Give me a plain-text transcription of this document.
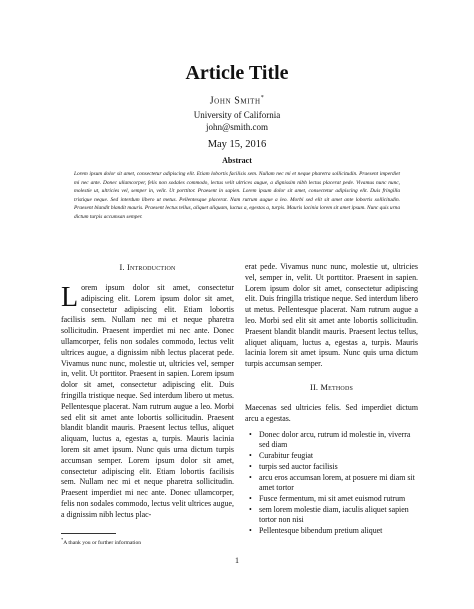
Article Title
John Smith*
University of California
john@smith.com
May 15, 2016
Abstract
Lorem ipsum dolor sit amet, consectetur adipiscing elit. Etiam lobortis facilisis sem. Nullam nec mi et neque pharetra sollicitudin. Praesent imperdiet mi nec ante. Donec ullamcorper, felis non sodales commodo, lectus velit ultrices augue, a dignissim nibh lectus placerat pede. Vivamus nunc nunc, molestie ut, ultricies vel, semper in, velit. Ut porttitor. Praesent in sapien. Lorem ipsum dolor sit amet, consectetur adipiscing elit. Duis fringilla tristique neque. Sed interdum libero ut metus. Pellentesque placerat. Nam rutrum augue a leo. Morbi sed elit sit amet ante lobortis sollicitudin. Praesent blandit blandit mauris. Praesent lectus tellus, aliquet aliquam, luctus a, egestas a, turpis. Mauris lacinia lorem sit amet ipsum. Nunc quis urna dictum turpis accumsan semper.
I. Introduction

Lorem ipsum dolor sit amet, consectetur adipiscing elit. Lorem ipsum dolor sit amet, consectetur adipiscing elit. Etiam lobortis facilisis sem. Nullam nec mi et neque pharetra sollicitudin. Praesent imperdiet mi nec ante. Donec ullamcorper, felis non sodales commodo, lectus velit ultrices augue, a dignissim nibh lectus placerat pede. Vivamus nunc nunc, molestie ut, ultricies vel, semper in, velit. Ut porttitor. Praesent in sapien. Lorem ipsum dolor sit amet, consectetur adipiscing elit. Duis fringilla tristique neque. Sed interdum libero ut metus. Pellentesque placerat. Nam rutrum augue a leo. Morbi sed elit sit amet ante lobortis sollicitudin. Praesent blandit blandit mauris. Praesent lectus tellus, aliquet aliquam, luctus a, egestas a, turpis. Mauris lacinia lorem sit amet ipsum. Nunc quis urna dictum turpis accumsan semper. Lorem ipsum dolor sit amet, consectetur adipiscing elit. Etiam lobortis facilisis sem. Nullam nec mi et neque pharetra sollicitudin. Praesent imperdiet mi nec ante. Donec ullamcorper, felis non sodales commodo, lectus velit ultrices augue, a dignissim nibh lectus plac-

erat pede. Vivamus nunc nunc, molestie ut, ultricies vel, semper in, velit. Ut porttitor. Praesent in sapien. Lorem ipsum dolor sit amet, consectetur adipiscing elit. Duis fringilla tristique neque. Sed interdum libero ut metus. Pellentesque placerat. Nam rutrum augue a leo. Morbi sed elit sit amet ante lobortis sollicitudin. Praesent blandit blandit mauris. Praesent lectus tellus, aliquet aliquam, luctus a, egestas a, turpis. Mauris lacinia lorem sit amet ipsum. Nunc quis urna dictum turpis accumsan semper.

II. Methods

Maecenas sed ultricies felis. Sed imperdiet dictum arcu a egestas.

• Donec dolor arcu, rutrum id molestie in, viverra sed diam
• Curabitur feugiat
• turpis sed auctor facilisis
• arcu eros accumsan lorem, at posuere mi diam sit amet tortor
• Fusce fermentum, mi sit amet euismod rutrum
• sem lorem molestie diam, iaculis aliquet sapien tortor non nisi
• Pellentesque bibendum pretium aliquet
*A thank you or further information
1
